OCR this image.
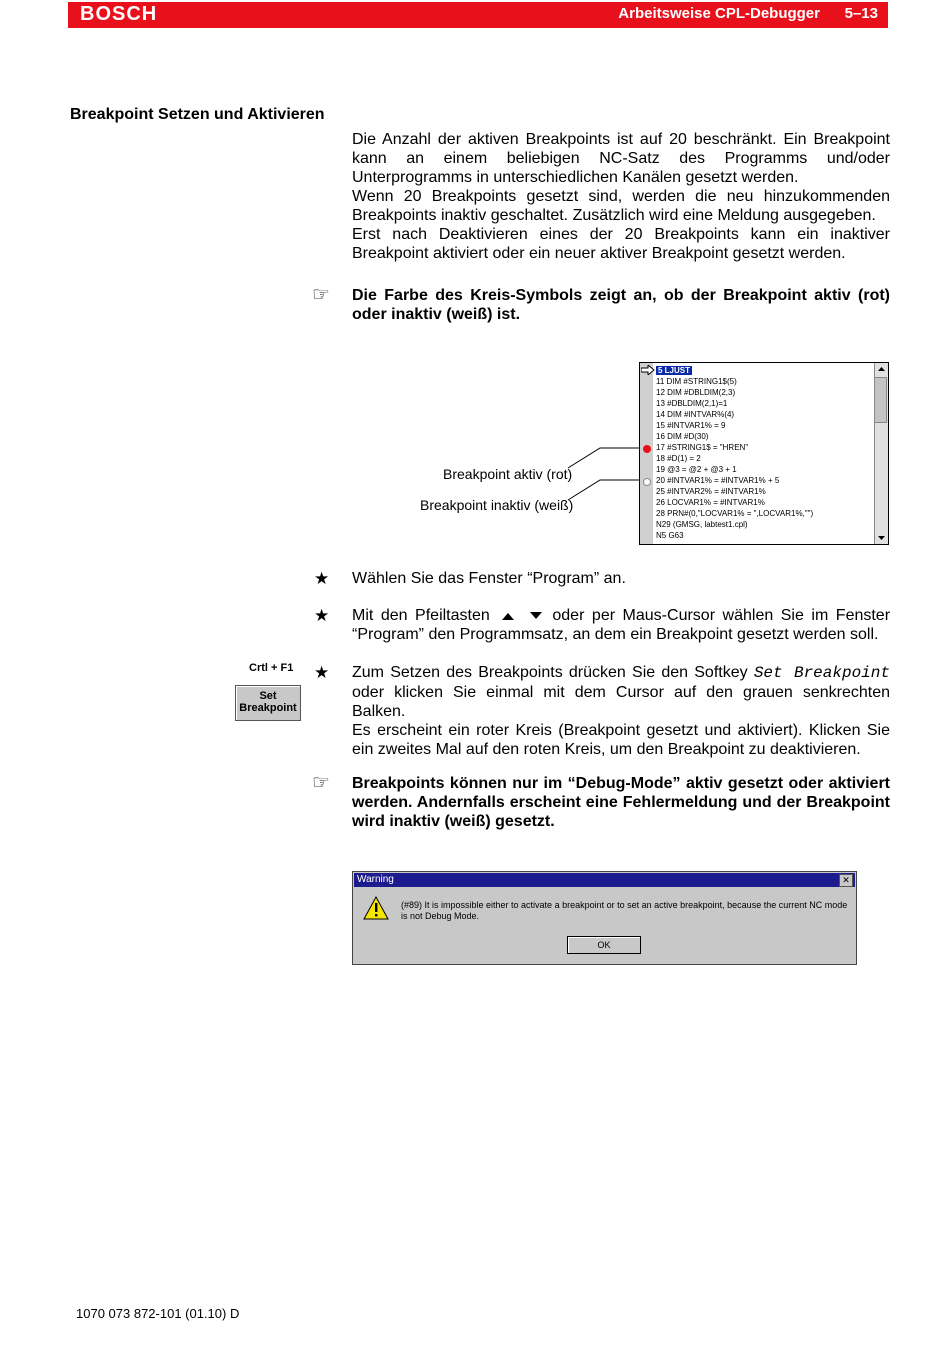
BOSCH	Arbeitsweise CPL-Debugger 5–13
Breakpoint Setzen und Aktivieren

Die Anzahl der aktiven Breakpoints ist auf 20 beschränkt. Ein Breakpoint kann an einem beliebigen NC-Satz des Programms und/oder Unterprogramms in unterschiedlichen Kanälen gesetzt werden.

Wenn 20 Breakpoints gesetzt sind, werden die neu hinzukommenden Breakpoints inaktiv geschaltet. Zusätzlich wird eine Meldung ausgegeben.

Erst nach Deaktivieren eines der 20 Breakpoints kann ein inaktiver Breakpoint aktiviert oder ein neuer aktiver Breakpoint gesetzt werden.

☞ Die Farbe des Kreis-Symbols zeigt an, ob der Breakpoint aktiv (rot) oder inaktiv (weiß) ist.
Breakpoint aktiv (rot)
Breakpoint inaktiv (weiß)
5 LJUST
11 DIM #STRING1$(5)
12 DIM #DBLDIM(2,3)
13 #DBLDIM(2,1)=1
14 DIM #INTVAR%(4)
15 #INTVAR1% = 9
16 DIM #D(30)
17 #STRING1$ = "HREN"
18 #D(1) = 2
19 @3 = @2 + @3 + 1
20 #INTVAR1% = #INTVAR1% + 5
25 #INTVAR2% = #INTVAR1%
26 LOCVAR1% = #INTVAR1%
28 PRN#(0,"LOCVAR1% = ",LOCVAR1%,"")
N29 (GMSG, labtest1.cpl)
N5 G63
★ Wählen Sie das Fenster “Program” an.
★ Mit den Pfeiltasten	oder per Maus-Cursor wählen Sie im Fenster “Program” den Programmsatz, an dem ein Breakpoint gesetzt werden soll.
Crtl + F1
Set
Breakpoint
★ Zum Setzen des Breakpoints drücken Sie den Softkey Set Breakpoint oder klicken Sie einmal mit dem Cursor auf den grauen senkrechten Balken.

Es erscheint ein roter Kreis (Breakpoint gesetzt und aktiviert). Klicken Sie ein zweites Mal auf den roten Kreis, um den Breakpoint zu deaktivieren.

☞ Breakpoints können nur im “Debug-Mode” aktiv gesetzt oder aktiviert werden. Andernfalls erscheint eine Fehlermeldung und der Breakpoint wird inaktiv (weiß) gesetzt.
Warning	✕
(#89) It is impossible either to activate a breakpoint or to set an active breakpoint, because the current NC mode is not Debug Mode.
OK
1070 073 872-101 (01.10) D
